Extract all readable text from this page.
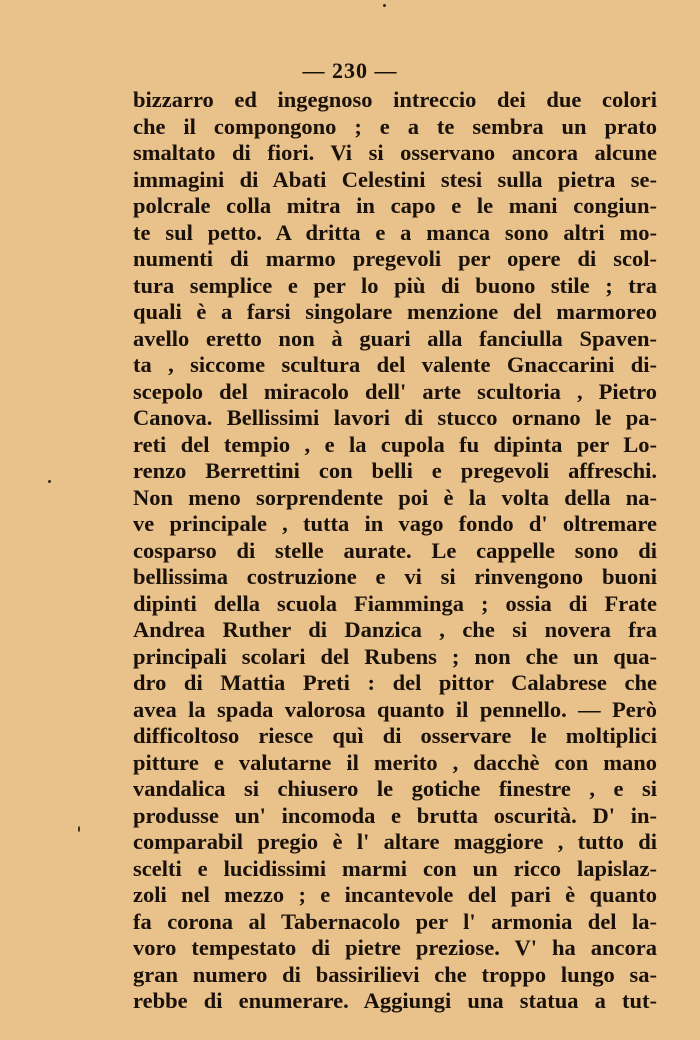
— 230 —
bizzarro ed ingegnoso intreccio dei due colori
che il compongono ; e a te sembra un prato
smaltato di fiori. Vi si osservano ancora alcune
immagini di Abati Celestini stesi sulla pietra se-
polcrale colla mitra in capo e le mani congiun-
te sul petto. A dritta e a manca sono altri mo-
numenti di marmo pregevoli per opere di scol-
tura semplice e per lo più di buono stile ; tra
quali è a farsi singolare menzione del marmoreo
avello eretto non à guari alla fanciulla Spaven-
ta , siccome scultura del valente Gnaccarini di-
scepolo del miracolo dell' arte scultoria , Pietro
Canova. Bellissimi lavori di stucco ornano le pa-
reti del tempio , e la cupola fu dipinta per Lo-
renzo Berrettini con belli e pregevoli affreschi.
Non meno sorprendente poi è la volta della na-
ve principale , tutta in vago fondo d' oltremare
cosparso di stelle aurate. Le cappelle sono di
bellissima costruzione e vi si rinvengono buoni
dipinti della scuola Fiamminga ; ossia di Frate
Andrea Ruther di Danzica , che si novera fra
principali scolari del Rubens ; non che un qua-
dro di Mattia Preti : del pittor Calabrese che
avea la spada valorosa quanto il pennello. — Però
difficoltoso riesce quì di osservare le moltiplici
pitture e valutarne il merito , dacchè con mano
vandalica si chiusero le gotiche finestre , e si
produsse un' incomoda e brutta oscurità. D' in-
comparabil pregio è l' altare maggiore , tutto di
scelti e lucidissimi marmi con un ricco lapislaz-
zoli nel mezzo ; e incantevole del pari è quanto
fa corona al Tabernacolo per l' armonia del la-
voro tempestato di pietre preziose. V' ha ancora
gran numero di bassirilievi che troppo lungo sa-
rebbe di enumerare. Aggiungi una statua a tut-
